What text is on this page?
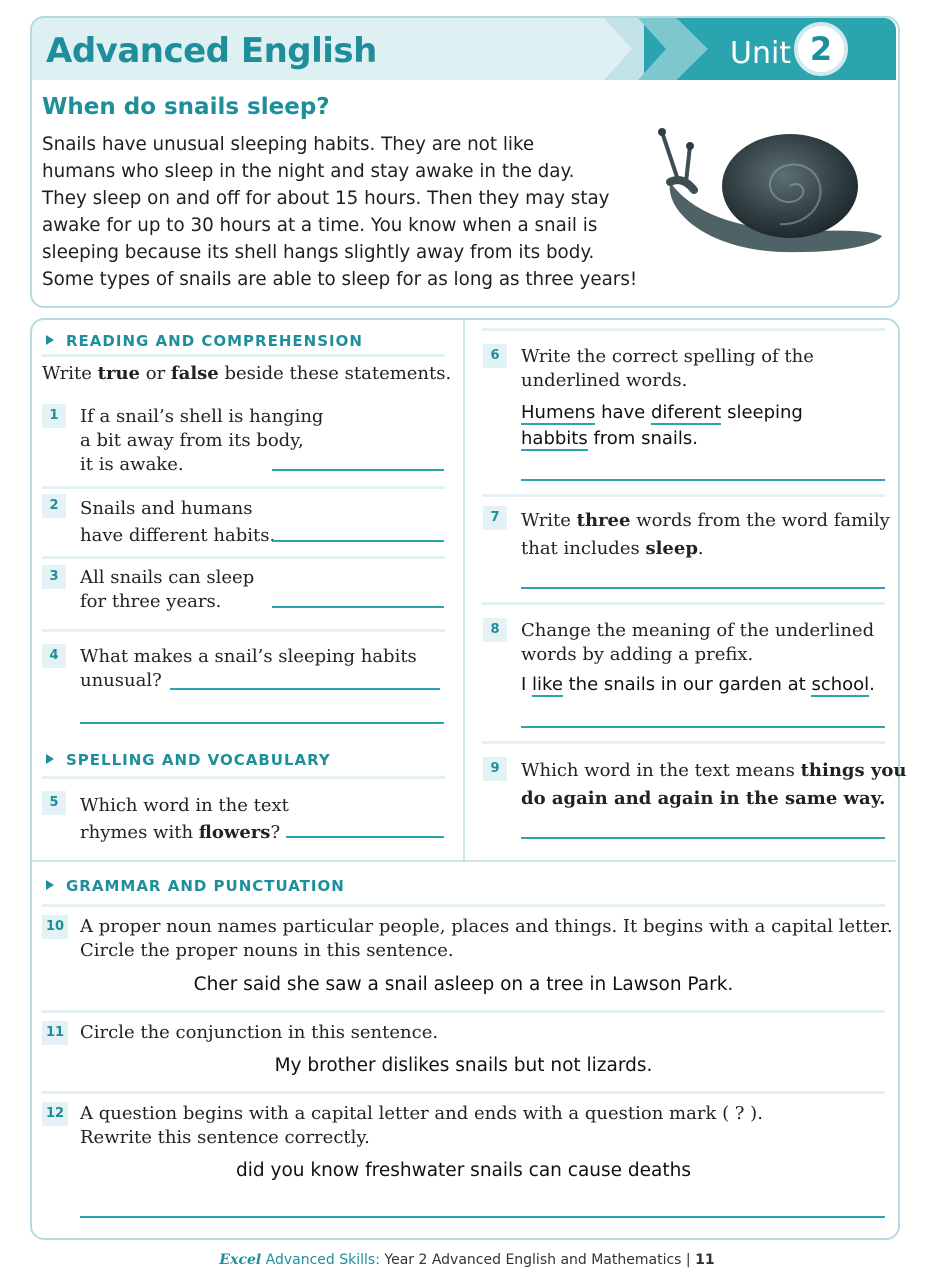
Advanced English	Unit 2
When do snails sleep?

Snails have unusual sleeping habits. They are not like

humans who sleep in the night and stay awake in the day.

They sleep on and off for about 15 hours. Then they may stay

awake for up to 30 hours at a time. You know when a snail is

sleeping because its shell hangs slightly away from its body.

Some types of snails are able to sleep for as long as three years!

READING AND COMPREHENSION
Write true or false beside these statements.
1	If a snail’s shell is hanging
a bit away from its body,
it is awake.
2	Snails and humans
have different habits.
3	All snails can sleep
for three years.
4	What makes a snail’s sleeping habits
unusual?
SPELLING AND VOCABULARY
5	Which word in the text
rhymes with flowers?
6	Write the correct spelling of the
underlined words.
Humens have diferent sleeping
habbits from snails.
7	Write three words from the word family
that includes sleep.
8	Change the meaning of the underlined
words by adding a prefix.
I like the snails in our garden at school.
9	Which word in the text means things you
do again and again in the same way.
GRAMMAR AND PUNCTUATION
10 A proper noun names particular people, places and things. It begins with a capital letter.
Circle the proper nouns in this sentence.
Cher said she saw a snail asleep on a tree in Lawson Park.
11 Circle the conjunction in this sentence.
My brother dislikes snails but not lizards.
12 A question begins with a capital letter and ends with a question mark ( ? ).
Rewrite this sentence correctly.
did you know freshwater snails can cause deaths
Excel Advanced Skills: Year 2 Advanced English and Mathematics | 11
